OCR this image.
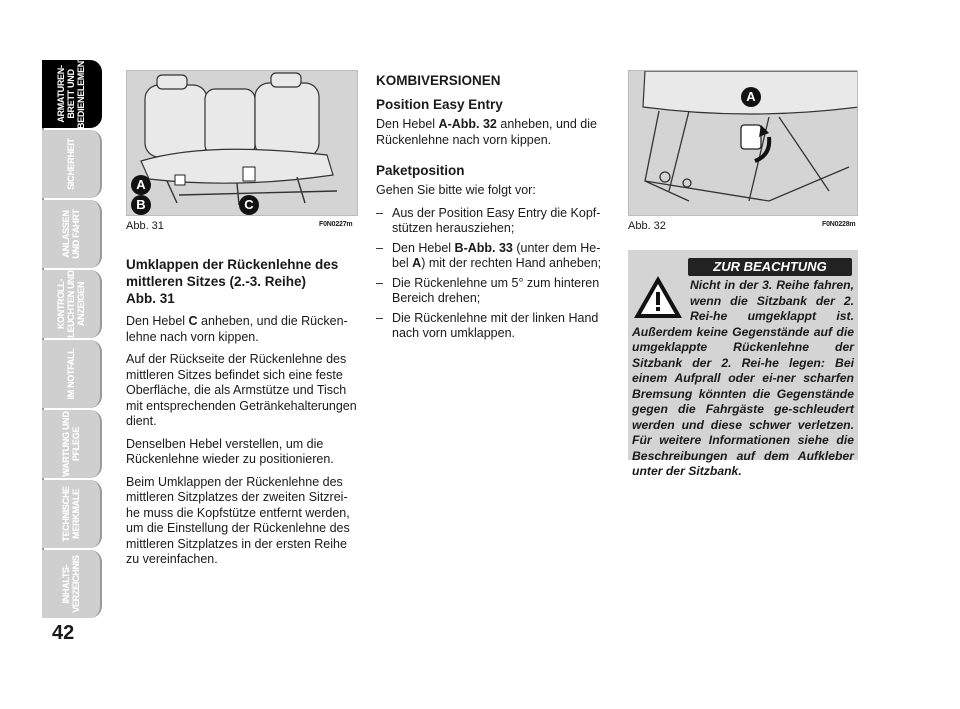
ARMATUREN-
BRETT UND
BEDIENELEMENTE
SICHERHEIT
ANLASSEN
UND FAHRT
KONTROLL-
LEUCHTEN UND
ANZEIGEN
IM NOTFALL
WARTUNG UND
PFLEGE
TECHNISCHE
MERKMALE
INHALTS-
VERZEICHNIS
42
A
B	C
Abb. 31	F0N0227m
A
Abb. 32	F0N0228m
Umklappen der Rückenlehne des
mittleren Sitzes (2.-3. Reihe)
Abb. 31

Den Hebel C anheben, und die Rücken-lehne nach vorn kippen.

Auf der Rückseite der Rückenlehne des mittleren Sitzes befindet sich eine feste Oberfläche, die als Armstütze und Tisch mit entsprechenden Getränkehalterungen dient.

Denselben Hebel verstellen, um die Rückenlehne wieder zu positionieren.

Beim Umklappen der Rückenlehne des mittleren Sitzplatzes der zweiten Sitzrei-he muss die Kopfstütze entfernt werden, um die Einstellung der Rückenlehne des mittleren Sitzplatzes in der ersten Reihe zu vereinfachen.

KOMBIVERSIONEN
Position Easy Entry

Den Hebel A-Abb. 32 anheben, und die Rückenlehne nach vorn kippen.

Paketposition

Gehen Sie bitte wie folgt vor:

– Aus der Position Easy Entry die Kopf-stützen herausziehen;
– Den Hebel B-Abb. 33 (unter dem He-bel A) mit der rechten Hand anheben;
– Die Rückenlehne um 5° zum hinteren Bereich drehen;
– Die Rückenlehne mit der linken Hand nach vorn umklappen.
ZUR BEACHTUNG
Nicht in der 3. Reihe fahren, wenn die Sitzbank der 2. Rei-he umgeklappt ist. Außerdem keine Gegenstände auf die umgeklappte Rückenlehne der Sitzbank der 2. Rei-he legen: Bei einem Aufprall oder ei-ner scharfen Bremsung könnten die Gegenstände gegen die Fahrgäste ge-schleudert werden und diese schwer verletzen. Für weitere Informationen siehe die Beschreibungen auf dem Aufkleber unter der Sitzbank.
